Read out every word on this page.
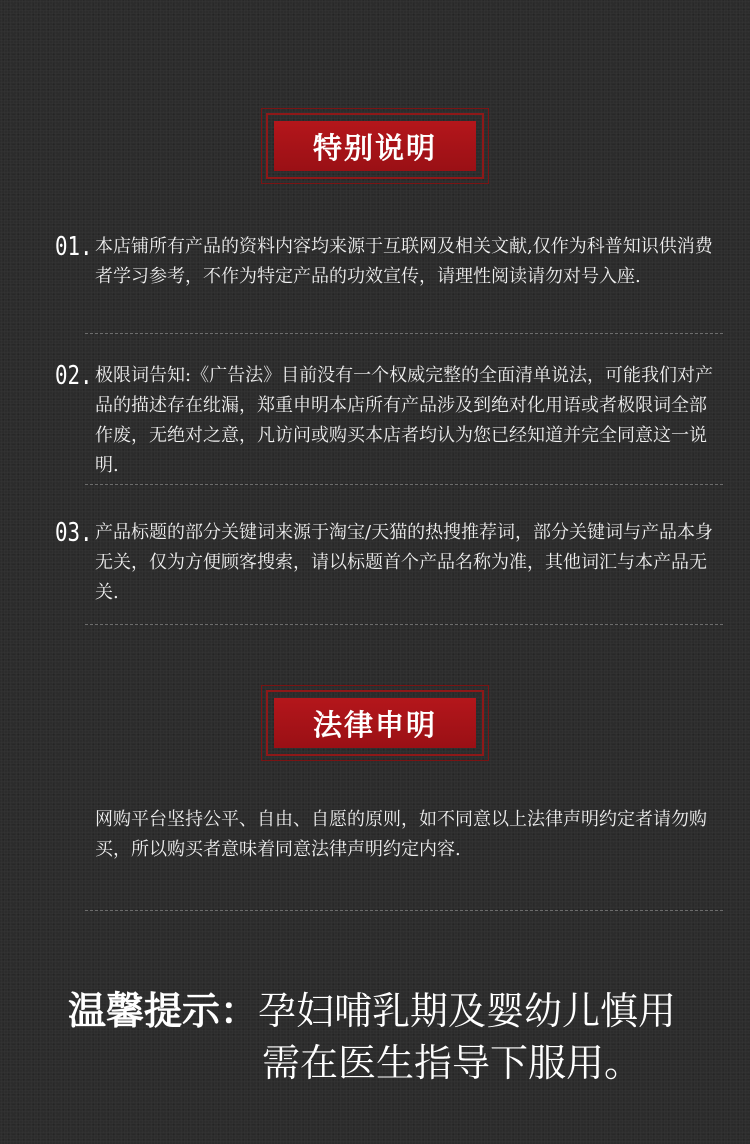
特别说明
01. 本店铺所有产品的资料内容均来源于互联网及相关文献,仅作为科普知识供消费者学习参考，不作为特定产品的功效宣传，请理性阅读请勿对号入座.
02. 极限词告知:《广告法》目前没有一个权威完整的全面清单说法，可能我们对产品的描述存在纰漏，郑重申明本店所有产品涉及到绝对化用语或者极限词全部作废，无绝对之意，凡访问或购买本店者均认为您已经知道并完全同意这一说明.
03. 产品标题的部分关键词来源于淘宝/天猫的热搜推荐词，部分关键词与产品本身无关，仅为方便顾客搜索，请以标题首个产品名称为准，其他词汇与本产品无关.
法律申明
网购平台坚持公平、自由、自愿的原则，如不同意以上法律声明约定者请勿购买，所以购买者意味着同意法律声明约定内容.
温馨提示：孕妇哺乳期及婴幼儿慎用
需在医生指导下服用。
